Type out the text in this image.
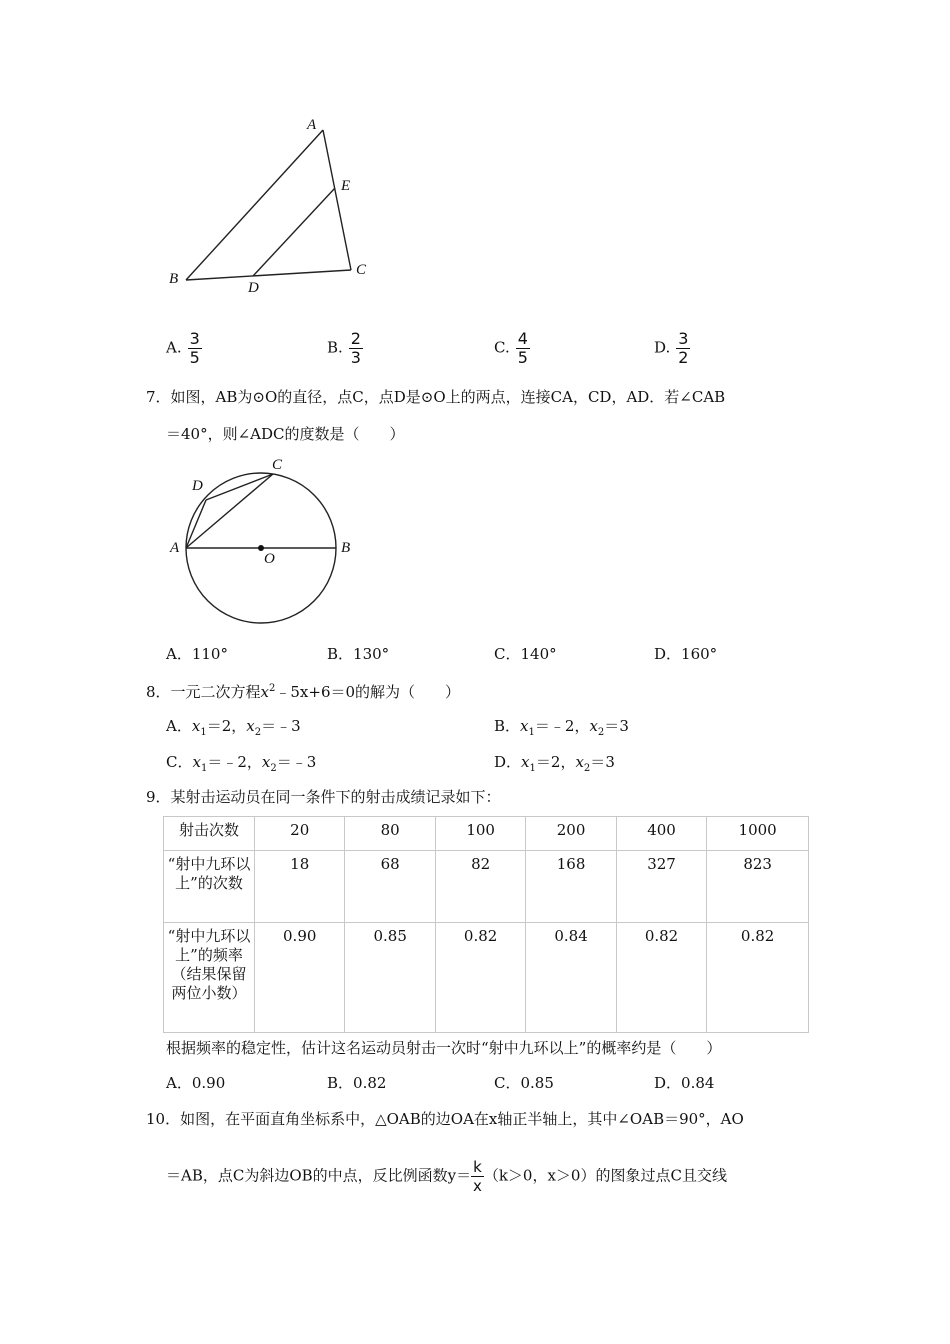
A
E
B
D
C
A. $\frac{3}{5}$	B. $\frac{2}{3}$	C. $\frac{4}{5}$	D. $\frac{3}{2}$
7．如图，AB为⊙O的直径，点C，点D是⊙O上的两点，连接CA，CD，AD．若∠CAB
＝40°，则∠ADC的度数是（　　）
C
D
A	B
O
A．110°	B．130°	C．140°	D．160°
8．一元二次方程$x^2﹣5x+6=0$的解为（　　）
A．$x_1=2$，$x_2=﹣3$	B．$x_1=﹣2$，$x_2=3$
C．$x_1=﹣2$，$x_2=﹣3$	D．$x_1=2$，$x_2=3$
9．某射击运动员在同一条件下的射击成绩记录如下：
射击次数	20	80	100	200	400	1000
“射中九环以上”的次数	18	68	82	168	327	823
“射中九环以上”的频率（结果保留两位小数）	0.90	0.85	0.82	0.84	0.82	0.82
根据频率的稳定性，估计这名运动员射击一次时“射中九环以上”的概率约是（　　）
A．0.90	B．0.82	C．0.85	D．0.84
10．如图，在平面直角坐标系中，△OAB的边OA在x轴正半轴上，其中∠OAB＝90°，AO
＝AB，点C为斜边OB的中点，反比例函数$y= \frac{k}{x} (k>0$，x＞0）的图象过点C且交线
